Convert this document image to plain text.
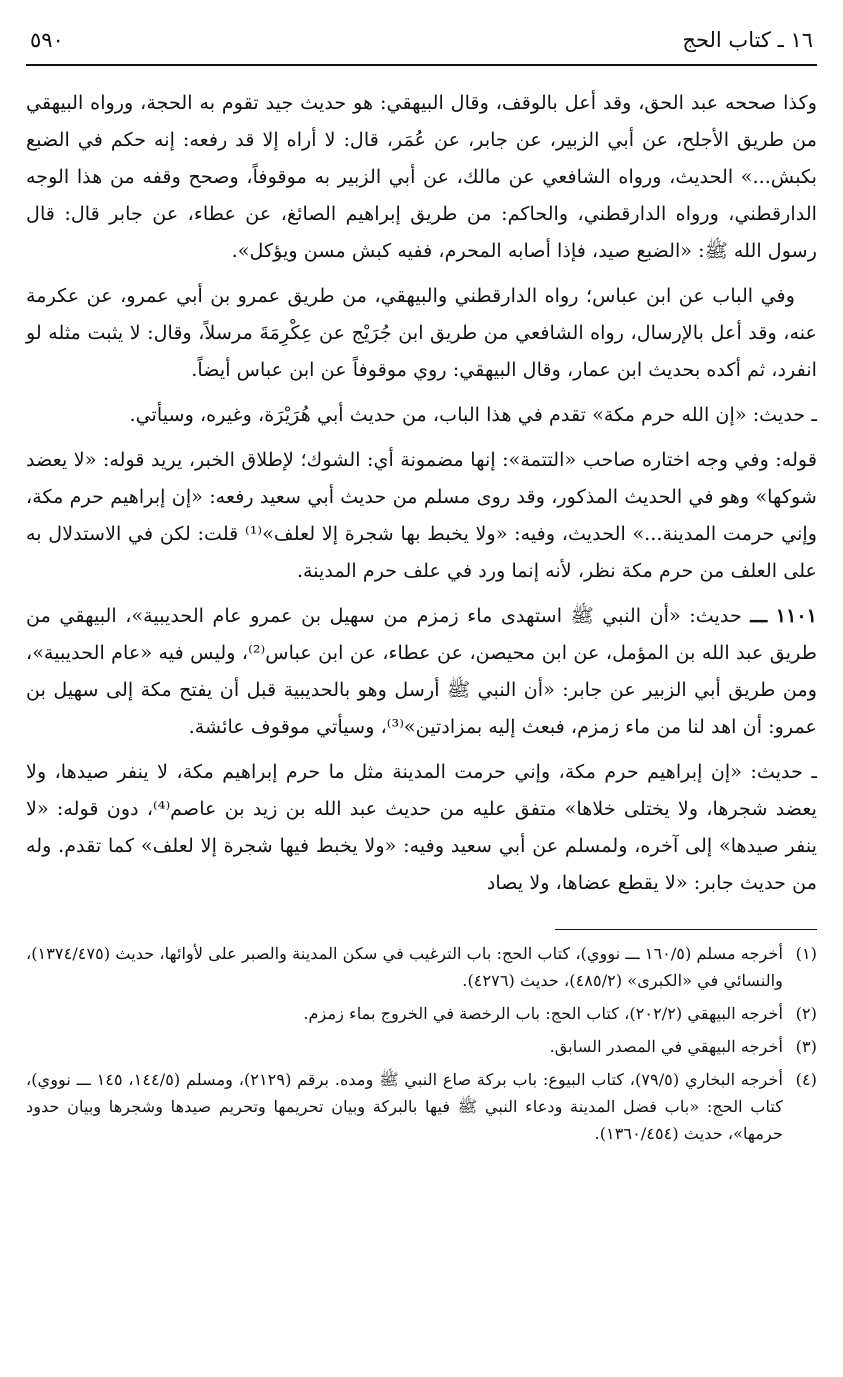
١٦ ـ كتاب الحج
٥٩٠

وكذا صححه عبد الحق، وقد أعل بالوقف، وقال البيهقي: هو حديث جيد تقوم به الحجة، ورواه البيهقي من طريق الأجلح، عن أبي الزبير، عن جابر، عن عُمَر، قال: لا أراه إلا قد رفعه: إنه حكم في الضبع بكبش...» الحديث، ورواه الشافعي عن مالك، عن أبي الزبير به موقوفاً، وصحح وقفه من هذا الوجه الدارقطني، ورواه الدارقطني، والحاكم: من طريق إبراهيم الصائغ، عن عطاء، عن جابر قال: قال رسول الله ﷺ: «الضبع صيد، فإذا أصابه المحرم، ففيه كبش مسن ويؤكل».

وفي الباب عن ابن عباس؛ رواه الدارقطني والبيهقي، من طريق عمرو بن أبي عمرو، عن عكرمة عنه، وقد أعل بالإرسال، رواه الشافعي من طريق ابن جُرَيْج عن عِكْرِمَةَ مرسلاً، وقال: لا يثبت مثله لو انفرد، ثم أكده بحديث ابن عمار، وقال البيهقي: روي موقوفاً عن ابن عباس أيضاً.

ـ حديث: «إن الله حرم مكة» تقدم في هذا الباب، من حديث أبي هُرَيْرَة، وغيره، وسيأتي.

قوله: وفي وجه اختاره صاحب «التتمة»: إنها مضمونة أي: الشوك؛ لإطلاق الخبر، يريد قوله: «لا يعضد شوكها» وهو في الحديث المذكور، وقد روى مسلم من حديث أبي سعيد رفعه: «إن إبراهيم حرم مكة، وإني حرمت المدينة...» الحديث، وفيه: «ولا يخبط بها شجرة إلا لعلف»⁽¹⁾ قلت: لكن في الاستدلال به على العلف من حرم مكة نظر، لأنه إنما ورد في علف حرم المدينة.

١١٠١ ـــ حديث: «أن النبي ﷺ استهدى ماء زمزم من سهيل بن عمرو عام الحديبية»، البيهقي من طريق عبد الله بن المؤمل، عن ابن محيصن، عن عطاء، عن ابن عباس⁽²⁾، وليس فيه «عام الحديبية»، ومن طريق أبي الزبير عن جابر: «أن النبي ﷺ أرسل وهو بالحديبية قبل أن يفتح مكة إلى سهيل بن عمرو: أن اهد لنا من ماء زمزم، فبعث إليه بمزادتين»⁽³⁾، وسيأتي موقوف عائشة.

ـ حديث: «إن إبراهيم حرم مكة، وإني حرمت المدينة مثل ما حرم إبراهيم مكة، لا ينفر صيدها، ولا يعضد شجرها، ولا يختلى خلاها» متفق عليه من حديث عبد الله بن زيد بن عاصم⁽⁴⁾، دون قوله: «لا ينفر صيدها» إلى آخره، ولمسلم عن أبي سعيد وفيه: «ولا يخبط فيها شجرة إلا لعلف» كما تقدم. وله من حديث جابر: «لا يقطع عضاها، ولا يصاد

(١)أخرجه مسلم (١٦٠/٥ ـــ نووي)، كتاب الحج: باب الترغيب في سكن المدينة والصبر على لأوائها، حديث (١٣٧٤/٤٧٥)، والنسائي في «الكبرى» (٤٨٥/٢)، حديث (٤٢٧٦).

(٢)أخرجه البيهقي (٢٠٢/٢)، كتاب الحج: باب الرخصة في الخروج بماء زمزم.

(٣)أخرجه البيهقي في المصدر السابق.

(٤)أخرجه البخاري (٧٩/٥)، كتاب البيوع: باب بركة صاع النبي ﷺ ومده. برقم (٢١٢٩)، ومسلم (١٤٤/٥، ١٤٥ ـــ نووي)، كتاب الحج: «باب فضل المدينة ودعاء النبي ﷺ فيها بالبركة وبيان تحريمها وتحريم صيدها وشجرها وبيان حدود حرمها»، حديث (١٣٦٠/٤٥٤).
